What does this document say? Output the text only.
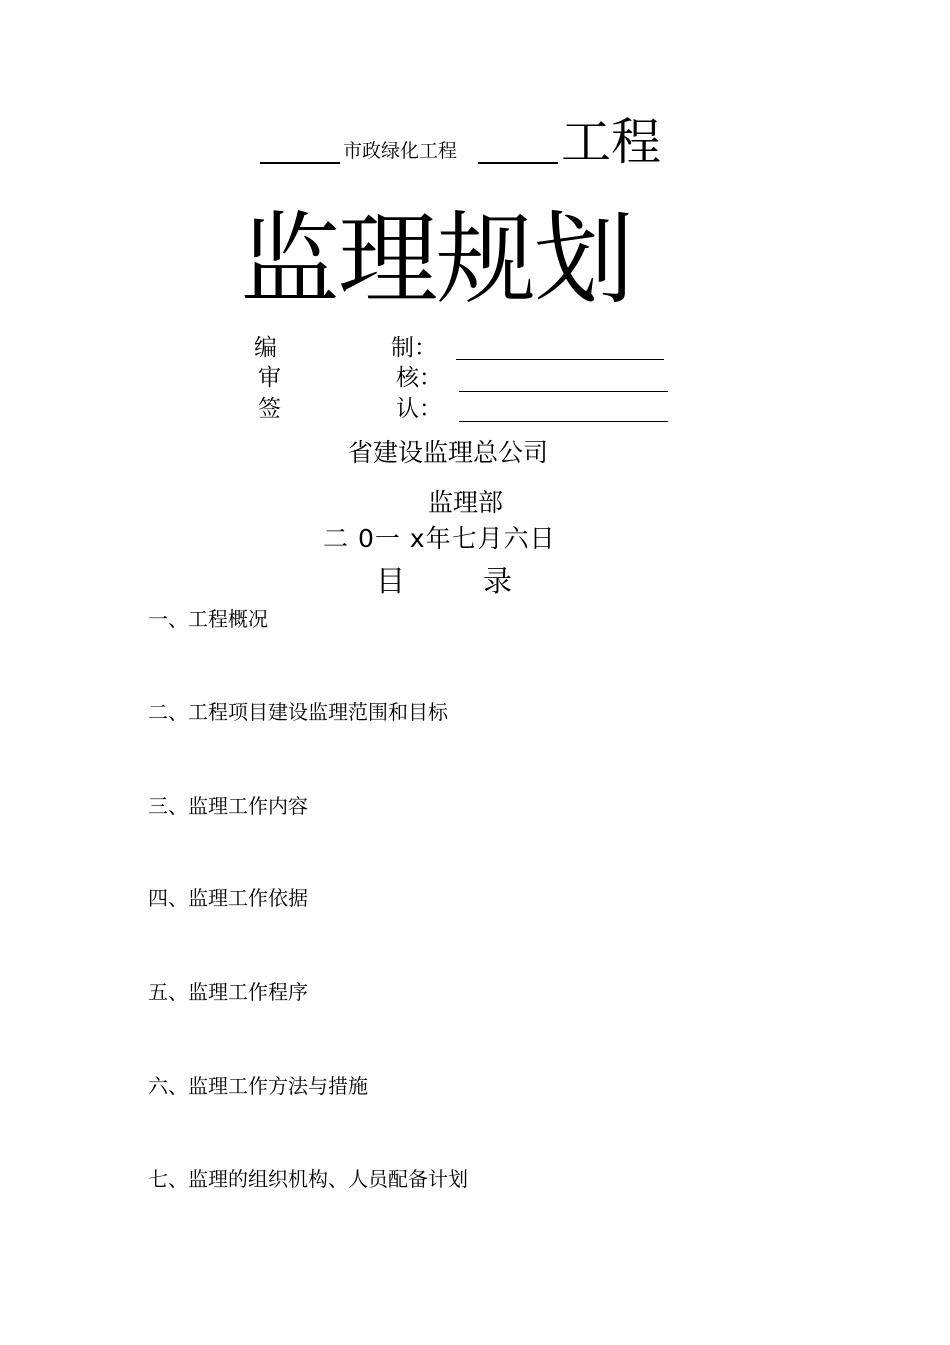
市政绿化工程 工程
监理规划
编	制：
审	核：
签	认：
省建设监理总公司
监理部
二 0一 x年七月六日
目	录
一、工程概况
二、工程项目建设监理范围和目标
三、监理工作内容
四、监理工作依据
五、监理工作程序
六、监理工作方法与措施
七、监理的组织机构、人员配备计划
